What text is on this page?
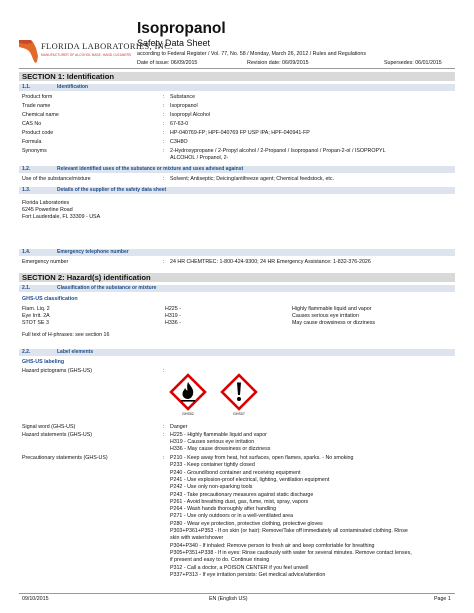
FLORIDA LABORATORIES, INC.
MANUFACTURER OF ALCOHOL BASE, HAND CLEANERS
Isopropanol
Safety Data Sheet
according to Federal Register / Vol. 77, No. 58 / Monday, March 26, 2012 / Rules and Regulations
Date of issue: 06/09/2015	Revision date: 06/09/2015	Supersedes: 06/01/2015
SECTION 1: Identification
1.1.	Identification
Product form	: Substance
Trade name	: Isopropanol
Chemical name	: Isopropyl Alcohol
CAS No	: 67-63-0
Product code	: HP-040769-FP; HPF-040769 FP USP IPA; HPF-040941-FP
Formula	: C3H8O
Synonyms	: 2-Hydroxypropane / 2-Propyl alcohol / 2-Propanol / Isopropanol / Propan-2-ol / ISOPROPYL
ALCOHOL / Propanol, 2-
1.2.	Relevant identified uses of the substance or mixture and uses advised against
Use of the substance/mixture	: Solvent; Antiseptic; Deicing/antifreeze agent; Chemical feedstock, etc.
1.3.	Details of the supplier of the safety data sheet
Florida Laboratories
6245 Powerline Road
Fort Lauderdale, FL 33309 - USA
1.4.	Emergency telephone number
Emergency number	: 24 HR CHEMTREC: 1-800-424-9300; 24 HR Emergency Assistance: 1-832-376-2026
SECTION 2: Hazard(s) identification
2.1.	Classification of the substance or mixture
GHS-US classification
Flam. Liq. 2	H225 -	Highly flammable liquid and vapor
Eye Irrit. 2A	H319 -	Causes serious eye irritation
STOT SE 3	H336 -	May cause drowsiness or dizziness
Full text of H-phrases: see section 16
2.2.	Label elements
GHS-US labeling
Hazard pictograms (GHS-US)	:
GHS02	GHS07
Signal word (GHS-US)	: Danger
Hazard statements (GHS-US)	: H225 - Highly flammable liquid and vapor
H319 - Causes serious eye irritation
H336 - May cause drowsiness or dizziness
Precautionary statements (GHS-US)	: P210 - Keep away from heat, hot surfaces, open flames, sparks. - No smoking
P233 - Keep container tightly closed
P240 - Ground/bond container and receiving equipment
P241 - Use explosion-proof electrical, lighting, ventilation equipment
P242 - Use only non-sparking tools
P243 - Take precautionary measures against static discharge
P261 - Avoid breathing dust, gas, fume, mist, spray, vapors
P264 - Wash hands thoroughly after handling
P271 - Use only outdoors or in a well-ventilated area
P280 - Wear eye protection, protective clothing, protective gloves
P303+P361+P353 - If on skin (or hair): Remove/Take off immediately all contaminated clothing. Rinse
skin with water/shower
P304+P340 - If inhaled: Remove person to fresh air and keep comfortable for breathing
P305+P351+P338 - If in eyes: Rinse cautiously with water for several minutes. Remove contact lenses,
if present and easy to do. Continue rinsing
P312 - Call a doctor, a POISON CENTER if you feel unwell
P337+P313 - If eye irritation persists: Get medical advice/attention
09/10/2015	EN (English US)	Page 1
